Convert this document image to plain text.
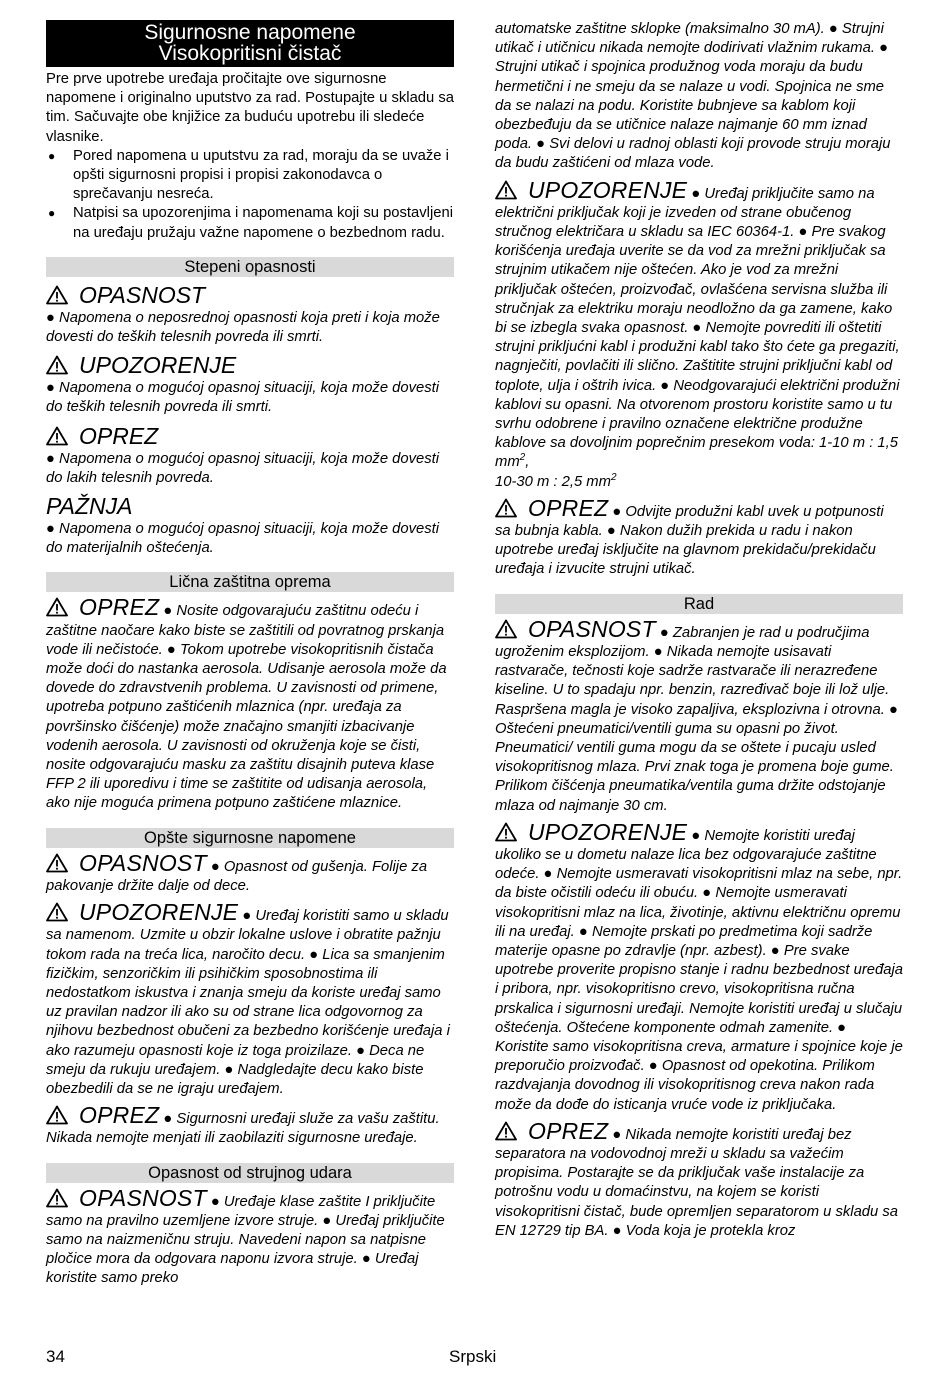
Sigurnosne napomene
Visokopritisni čistač

Pre prve upotrebe uređaja pročitajte ove sigurnosne napomene i originalno uputstvo za rad. Postupajte u skladu sa tim. Sačuvajte obe knjižice za buduću upotrebu ili sledeće vlasnike.

● Pored napomena u uputstvu za rad, moraju da se uvaže i opšti sigurnosni propisi i propisi zakonodavca o sprečavanju nesreća.

● Natpisi sa upozorenjima i napomenama koji su postavljeni na uređaju pružaju važne napomene o bezbednom radu.

Stepeni opasnosti
OPASNOST

● Napomena o neposrednoj opasnosti koja preti i koja može dovesti do teških telesnih povreda ili smrti.

UPOZORENJE

● Napomena o mogućoj opasnoj situaciji, koja može dovesti do teških telesnih povreda ili smrti.

OPREZ

● Napomena o mogućoj opasnoj situaciji, koja može dovesti do lakih telesnih povreda.

PAŽNJA

● Napomena o mogućoj opasnoj situaciji, koja može dovesti do materijalnih oštećenja.

Lična zaštitna oprema

OPREZ ● Nosite odgovarajuću zaštitnu odeću i zaštitne naočare kako biste se zaštitili od povratnog prskanja vode ili nečistoće. ● Tokom upotrebe visokopritisnih čistača može doći do nastanka aerosola. Udisanje aerosola može da dovede do zdravstvenih problema. U zavisnosti od primene, upotreba potpuno zaštićenih mlaznica (npr. uređaja za površinsko čišćenje) može značajno smanjiti izbacivanje vodenih aerosola. U zavisnosti od okruženja koje se čisti, nosite odgovarajuću masku za zaštitu disajnih puteva klase FFP 2 ili uporedivu i time se zaštitite od udisanja aerosola, ako nije moguća primena potpuno zaštićene mlaznice.

Opšte sigurnosne napomene

OPASNOST ● Opasnost od gušenja. Folije za pakovanje držite dalje od dece.

UPOZORENJE ● Uređaj koristiti samo u skladu sa namenom. Uzmite u obzir lokalne uslove i obratite pažnju tokom rada na treća lica, naročito decu. ● Lica sa smanjenim fizičkim, senzoričkim ili psihičkim sposobnostima ili nedostatkom iskustva i znanja smeju da koriste uređaj samo uz pravilan nadzor ili ako su od strane lica odgovornog za njihovu bezbednost obučeni za bezbedno korišćenje uređaja i ako razumeju opasnosti koje iz toga proizilaze. ● Deca ne smeju da rukuju uređajem. ● Nadgledajte decu kako biste obezbedili da se ne igraju uređajem.

OPREZ ● Sigurnosni uređaji služe za vašu zaštitu. Nikada nemojte menjati ili zaobilaziti sigurnosne uređaje.

Opasnost od strujnog udara

OPASNOST ● Uređaje klase zaštite I priključite samo na pravilno uzemljene izvore struje. ● Uređaj priključite samo na naizmeničnu struju. Navedeni napon sa natpisne pločice mora da odgovara naponu izvora struje. ● Uređaj koristite samo preko

automatske zaštitne sklopke (maksimalno 30 mA). ● Strujni utikač i utičnicu nikada nemojte dodirivati vlažnim rukama. ● Strujni utikač i spojnica produžnog voda moraju da budu hermetični i ne smeju da se nalaze u vodi. Spojnica ne sme da se nalazi na podu. Koristite bubnjeve sa kablom koji obezbeđuju da se utičnice nalaze najmanje 60 mm iznad poda. ● Svi delovi u radnoj oblasti koji provode struju moraju da budu zaštićeni od mlaza vode.

UPOZORENJE ● Uređaj priključite samo na električni priključak koji je izveden od strane obučenog stručnog električara u skladu sa IEC 60364-1. ● Pre svakog korišćenja uređaja uverite se da vod za mrežni priključak sa strujnim utikačem nije oštećen. Ako je vod za mrežni priključak oštećen, proizvođač, ovlašćena servisna služba ili stručnjak za elektriku moraju neodložno da ga zamene, kako bi se izbegla svaka opasnost. ● Nemojte povrediti ili oštetiti strujni prikljućni kabl i produžni kabl tako što ćete ga pregaziti, nagnječiti, povlačiti ili slično. Zaštitite strujni priključni kabl od toplote, ulja i oštrih ivica. ● Neodgovarajući električni produžni kablovi su opasni. Na otvorenom prostoru koristite samo u tu svrhu odobrene i pravilno označene električne produžne kablove sa dovoljnim poprečnim presekom voda: 1-10 m : 1,5 $mm^2$,
10-30 m : 2,5 $mm^2$

OPREZ ● Odvijte produžni kabl uvek u potpunosti sa bubnja kabla. ● Nakon dužih prekida u radu i nakon upotrebe uređaj isključite na glavnom prekidaču/prekidaču uređaja i izvucite strujni utikač.

Rad

OPASNOST ● Zabranjen je rad u područjima ugroženim eksplozijom. ● Nikada nemojte usisavati rastvarače, tečnosti koje sadrže rastvarače ili nerazređene kiseline. U to spadaju npr. benzin, razređivač boje ili lož ulje. Raspršena magla je visoko zapaljiva, eksplozivna i otrovna. ● Oštećeni pneumatici/ventili guma su opasni po život. Pneumatici/ ventili guma mogu da se oštete i pucaju usled visokopritisnog mlaza. Prvi znak toga je promena boje gume. Prilikom čišćenja pneumatika/ventila guma držite odstojanje mlaza od najmanje 30 cm.

UPOZORENJE ● Nemojte koristiti uređaj ukoliko se u dometu nalaze lica bez odgovarajuće zaštitne odeće. ● Nemojte usmeravati visokopritisni mlaz na sebe, npr. da biste očistili odeću ili obuću. ● Nemojte usmeravati visokopritisni mlaz na lica, životinje, aktivnu električnu opremu ili na uređaj. ● Nemojte prskati po predmetima koji sadrže materije opasne po zdravlje (npr. azbest). ● Pre svake upotrebe proverite propisno stanje i radnu bezbednost uređaja i pribora, npr. visokopritisno crevo, visokopritisna ručna prskalica i sigurnosni uređaji. Nemojte koristiti uređaj u slučaju oštećenja. Oštećene komponente odmah zamenite. ● Koristite samo visokopritisna creva, armature i spojnice koje je preporučio proizvođač. ● Opasnost od opekotina. Prilikom razdvajanja dovodnog ili visokopritisnog creva nakon rada može da dođe do isticanja vruće vode iz priključaka.

OPREZ ● Nikada nemojte koristiti uređaj bez separatora na vodovodnoj mreži u skladu sa važećim propisima. Postarajte se da priključak vaše instalacije za potrošnu vodu u domaćinstvu, na kojem se koristi visokopritisni čistač, bude opremljen separatorom u skladu sa EN 12729 tip BA. ● Voda koja je protekla kroz

34	Srpski
